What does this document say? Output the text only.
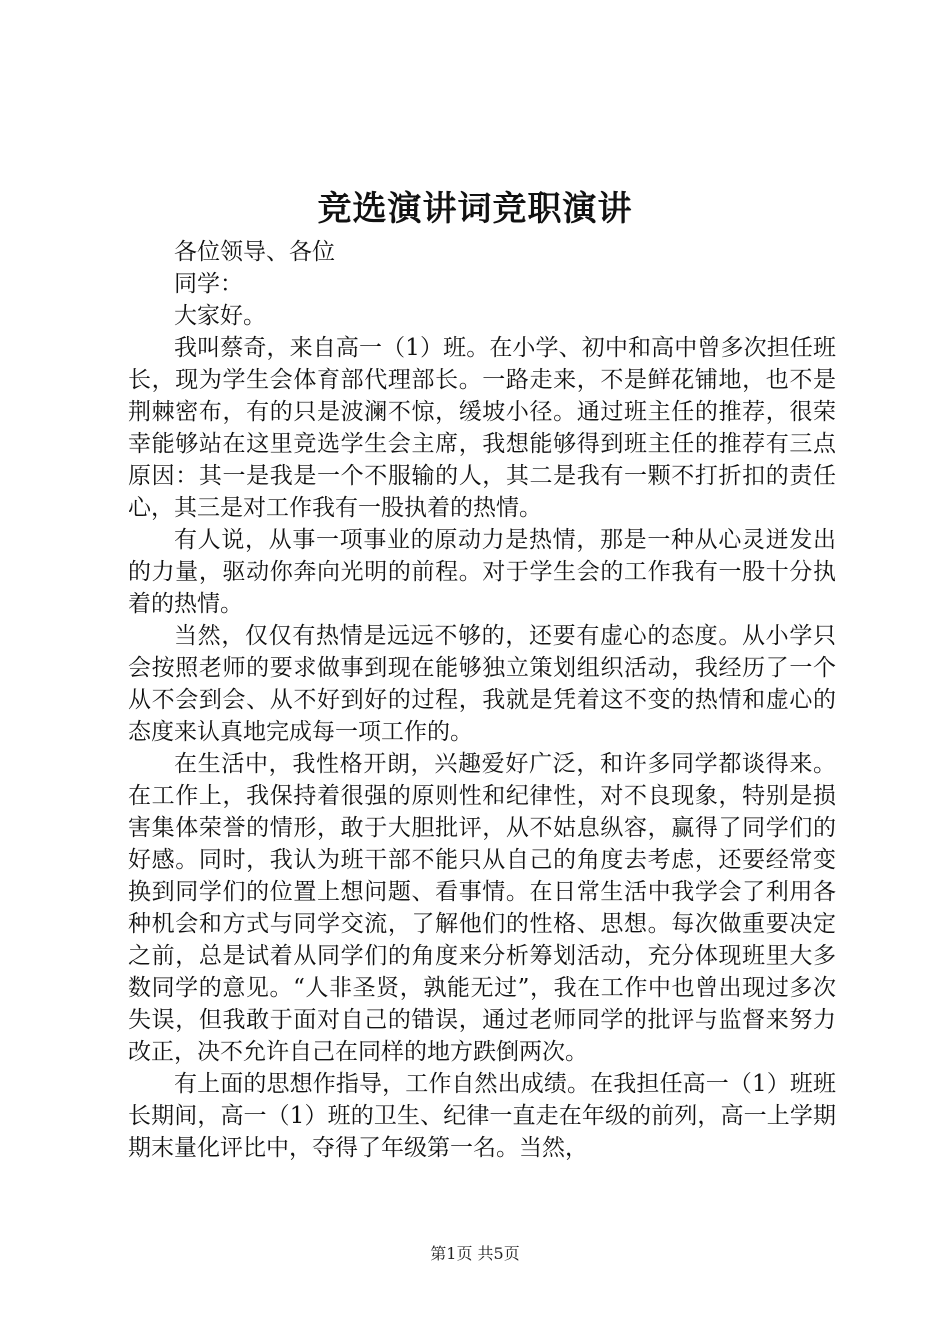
竞选演讲词竞职演讲

各位领导、各位

同学：

大家好。

我叫蔡奇，来自高一（1）班。在小学、初中和高中曾多次担任班长，现为学生会体育部代理部长。一路走来，不是鲜花铺地，也不是荆棘密布，有的只是波澜不惊，缓坡小径。通过班主任的推荐，很荣幸能够站在这里竞选学生会主席，我想能够得到班主任的推荐有三点原因：其一是我是一个不服输的人，其二是我有一颗不打折扣的责任心，其三是对工作我有一股执着的热情。

有人说，从事一项事业的原动力是热情，那是一种从心灵迸发出的力量，驱动你奔向光明的前程。对于学生会的工作我有一股十分执着的热情。

当然，仅仅有热情是远远不够的，还要有虚心的态度。从小学只会按照老师的要求做事到现在能够独立策划组织活动，我经历了一个从不会到会、从不好到好的过程，我就是凭着这不变的热情和虚心的态度来认真地完成每一项工作的。

在生活中，我性格开朗，兴趣爱好广泛，和许多同学都谈得来。在工作上，我保持着很强的原则性和纪律性，对不良现象，特别是损害集体荣誉的情形，敢于大胆批评，从不姑息纵容，赢得了同学们的好感。同时，我认为班干部不能只从自己的角度去考虑，还要经常变换到同学们的位置上想问题、看事情。在日常生活中我学会了利用各种机会和方式与同学交流，了解他们的性格、思想。每次做重要决定之前，总是试着从同学们的角度来分析筹划活动，充分体现班里大多数同学的意见。“人非圣贤，孰能无过”，我在工作中也曾出现过多次失误，但我敢于面对自己的错误，通过老师同学的批评与监督来努力改正，决不允许自己在同样的地方跌倒两次。

有上面的思想作指导，工作自然出成绩。在我担任高一（1）班班长期间，高一（1）班的卫生、纪律一直走在年级的前列，高一上学期期末量化评比中，夺得了年级第一名。当然，

第1页 共5页
